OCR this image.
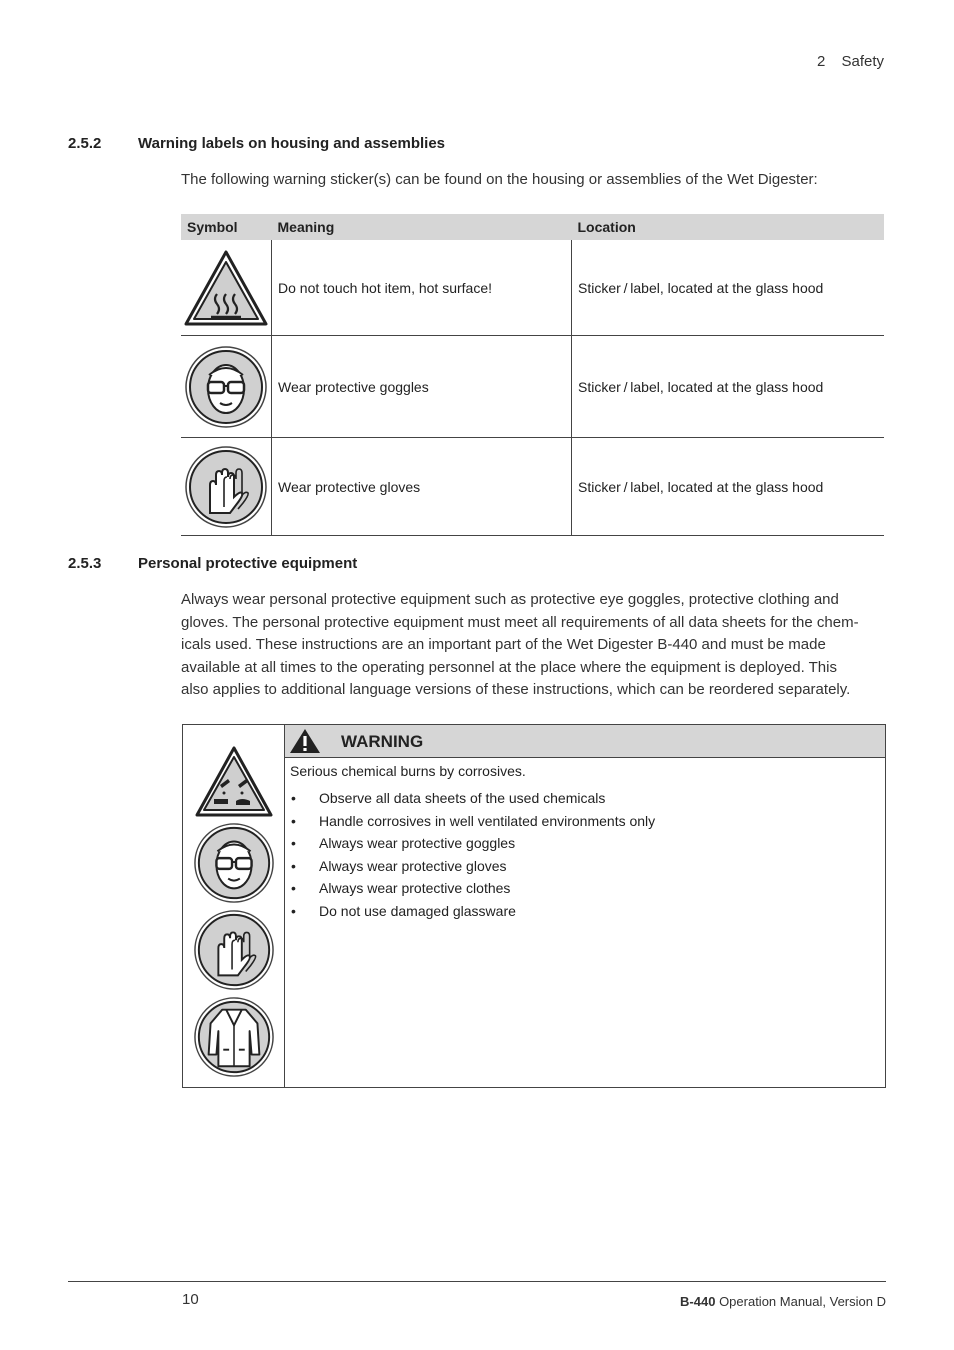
2 Safety
2.5.2 Warning labels on housing and assemblies
The following warning sticker(s) can be found on the housing or assemblies of the Wet Digester:
Symbol	Meaning	Location

	Do not touch hot item, hot surface!	Sticker / label, located at the glass hood

	Wear protective goggles	Sticker / label, located at the glass hood

	Wear protective gloves	Sticker / label, located at the glass hood
2.5.3 Personal protective equipment

Always wear personal protective equipment such as protective eye goggles, protective clothing and

gloves. The personal protective equipment must meet all requirements of all data sheets for the chem-

icals used. These instructions are an important part of the Wet Digester B-440 and must be made

available at all times to the operating personnel at the place where the equipment is deployed. This

also applies to additional language versions of these instructions, which can be reordered separately.

WARNING
Serious chemical burns by corrosives.
• Observe all data sheets of the used chemicals
• Handle corrosives in well ventilated environments only
• Always wear protective goggles
• Always wear protective gloves
• Always wear protective clothes
• Do not use damaged glassware
10	B-440 Operation Manual, Version D
